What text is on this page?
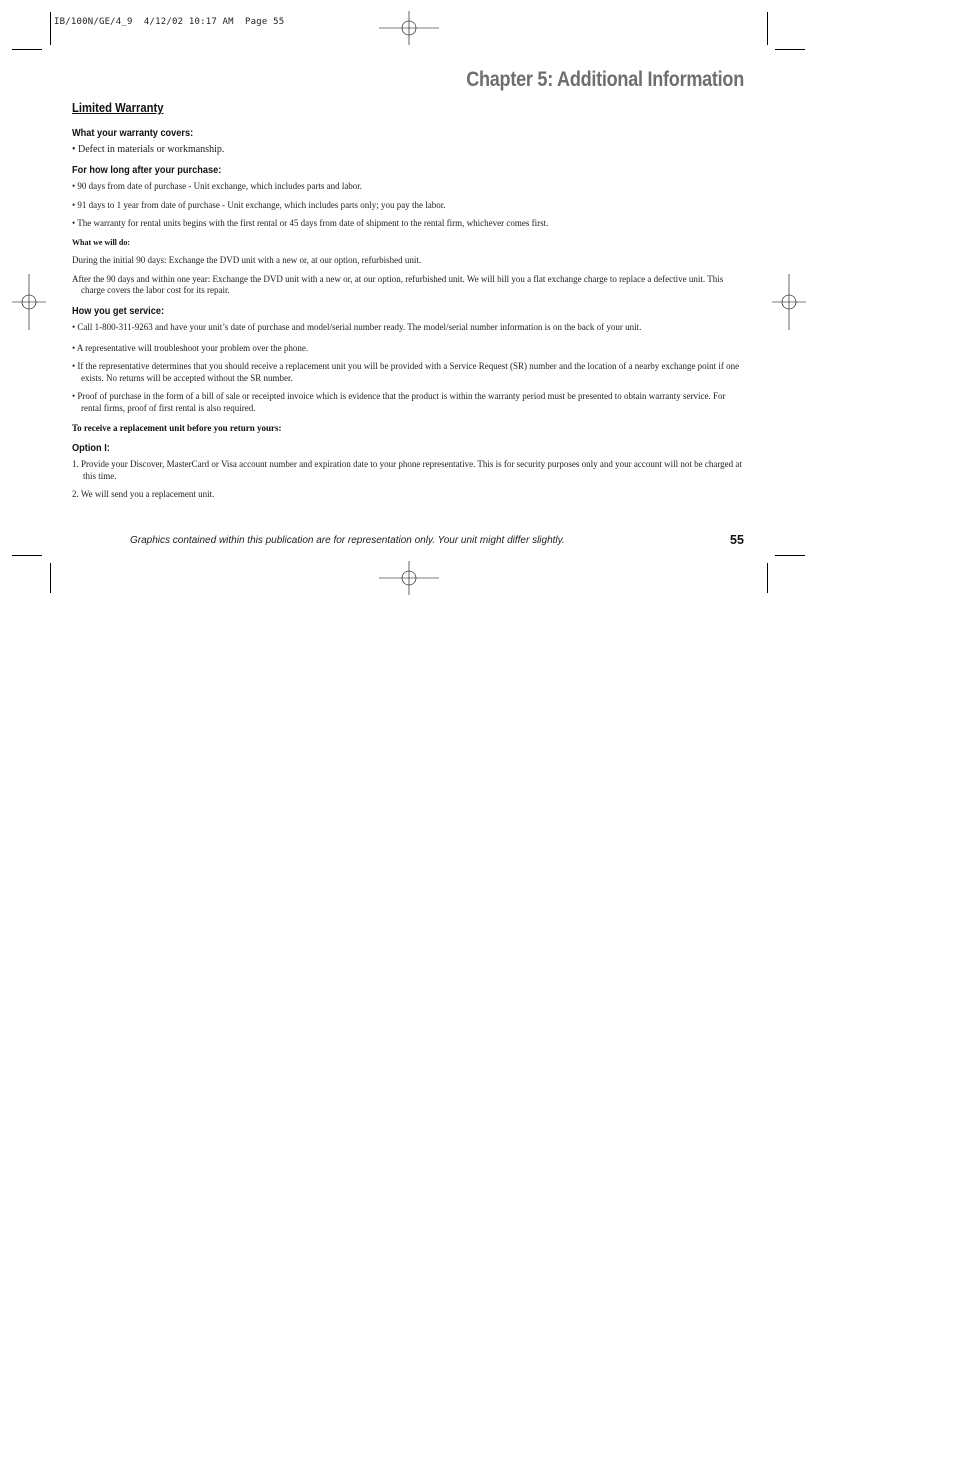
IB/100N/GE/4_9  4/12/02 10:17 AM  Page 55
Chapter 5: Additional Information
Limited Warranty
What your warranty covers:
• Defect in materials or workmanship.
For how long after your purchase:
• 90 days from date of purchase - Unit exchange, which includes parts and labor.
• 91 days to 1 year from date of purchase - Unit exchange, which includes parts only; you pay the labor.
• The warranty for rental units begins with the first rental or 45 days from date of shipment to the rental firm, whichever comes first.
What we will do:
During the initial 90 days: Exchange the DVD unit with a new or, at our option, refurbished unit.
After the 90 days and within one year: Exchange the DVD unit with a new or, at our option, refurbished unit. We will bill you a flat exchange charge to replace a defective unit. This charge covers the labor cost for its repair.
How you get service:
• Call 1-800-311-9263 and have your unit’s date of purchase and model/serial number ready. The model/serial number information is on the back of your unit.
• A representative will troubleshoot your problem over the phone.
• If the representative determines that you should receive a replacement unit you will be provided with a Service Request (SR) number and the location of a nearby exchange point if one exists. No returns will be accepted without the SR number.
• Proof of purchase in the form of a bill of sale or receipted invoice which is evidence that the product is within the warranty period must be presented to obtain warranty service. For rental firms, proof of first rental is also required.
To receive a replacement unit before you return yours:
Option I:
1. Provide your Discover, MasterCard or Visa account number and expiration date to your phone representative. This is for security purposes only and your account will not be charged at this time.
2. We will send you a replacement unit.
Graphics contained within this publication are for representation only. Your unit might differ slightly.	55
